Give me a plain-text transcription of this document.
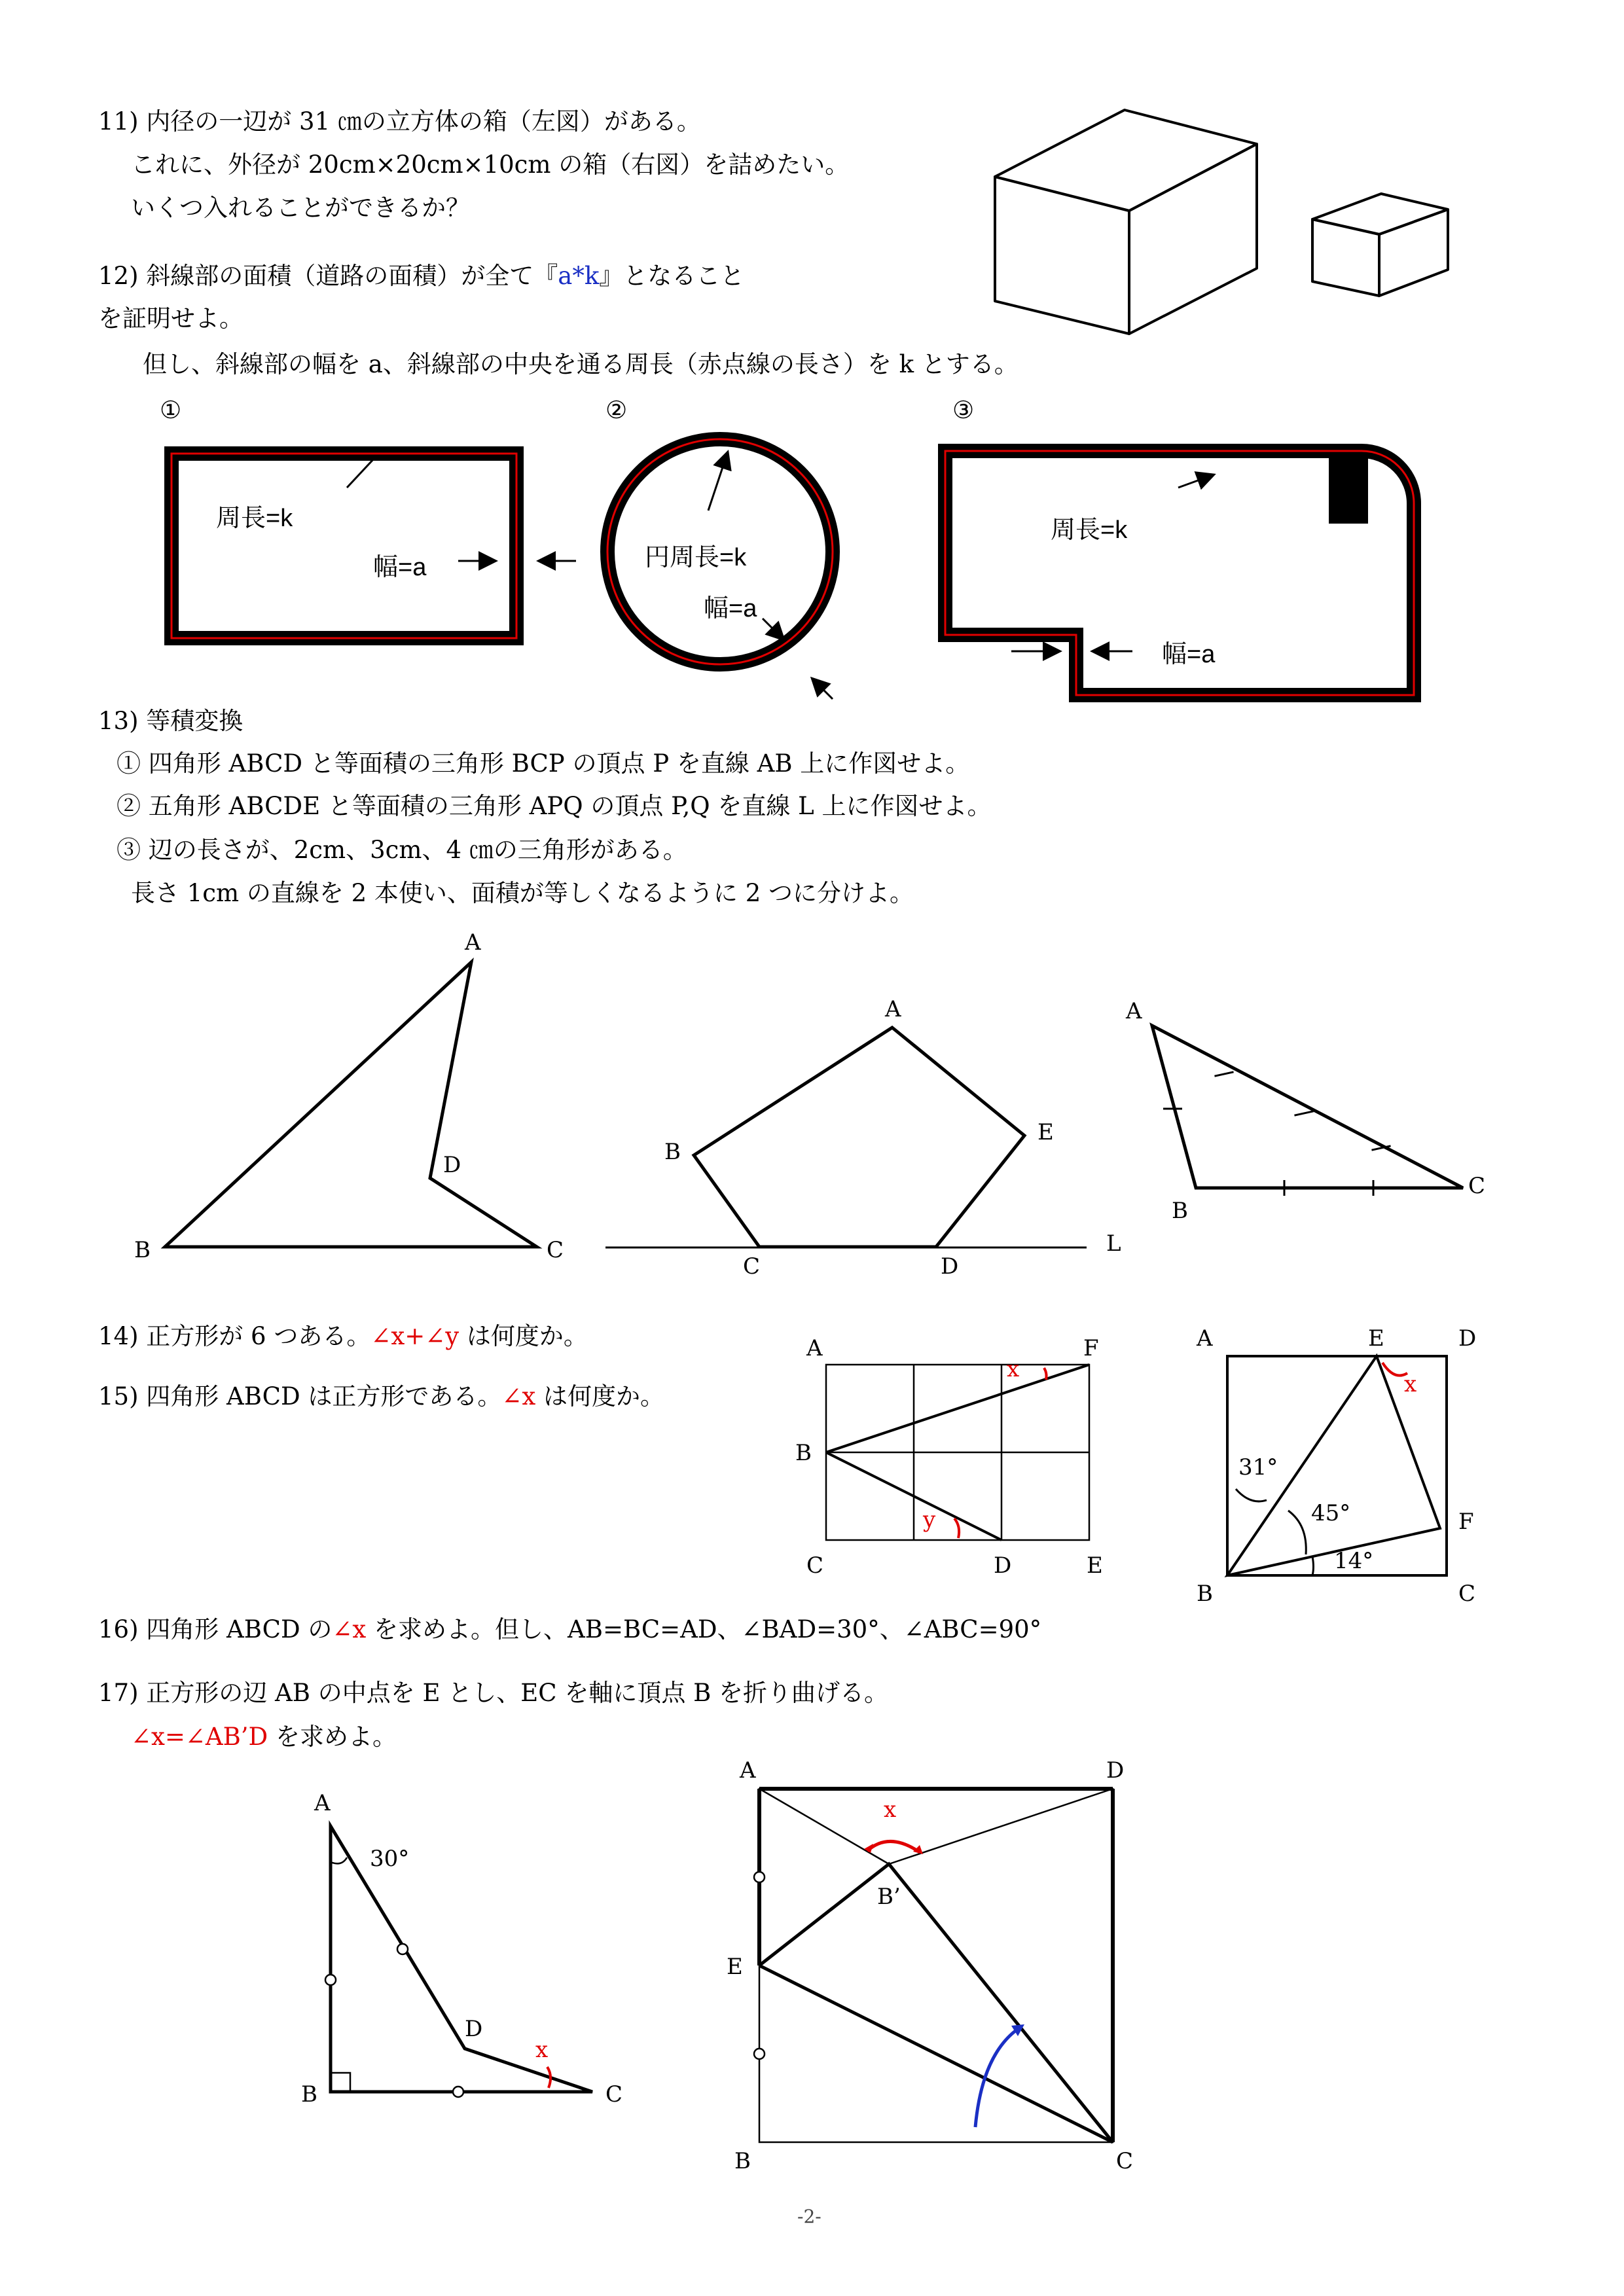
11) 内径の一辺が 31 ㎝の立方体の箱（左図）がある。
これに、外径が 20cm×20cm×10cm の箱（右図）を詰めたい。
いくつ入れることができるか？
12) 斜線部の面積（道路の面積）が全て『a*k』となること
を証明せよ。
但し、斜線部の幅を a、斜線部の中央を通る周長（赤点線の長さ）を k とする。
①	②	③
周長=k
幅=a	円周長=k
幅=a
周長=k
幅=a
13) 等積変換
① 四角形 ABCD と等面積の三角形 BCP の頂点 P を直線 AB 上に作図せよ。
② 五角形 ABCDE と等面積の三角形 APQ の頂点 P,Q を直線 L 上に作図せよ。
③ 辺の長さが、2cm、3cm、4 ㎝の三角形がある。
長さ 1cm の直線を 2 本使い、面積が等しくなるように 2 つに分けよ。
A
B	C
D
A
B
C	D
E
L
A
B
C
14) 正方形が 6 つある。∠x+∠y は何度か。
15) 四角形 ABCD は正方形である。∠x は何度か。
A	F
B
C	D	E
x
y
A	E	D
F
B	C
31°
45°
14°
x
16) 四角形 ABCD の∠x を求めよ。但し、AB=BC=AD、∠BAD=30°、∠ABC=90°
17) 正方形の辺 AB の中点を E とし、EC を軸に頂点 B を折り曲げる。
∠x=∠AB’D を求めよ。
A
B	C
D
30°
x
A	D
B’
E
B	C
x
-2-
